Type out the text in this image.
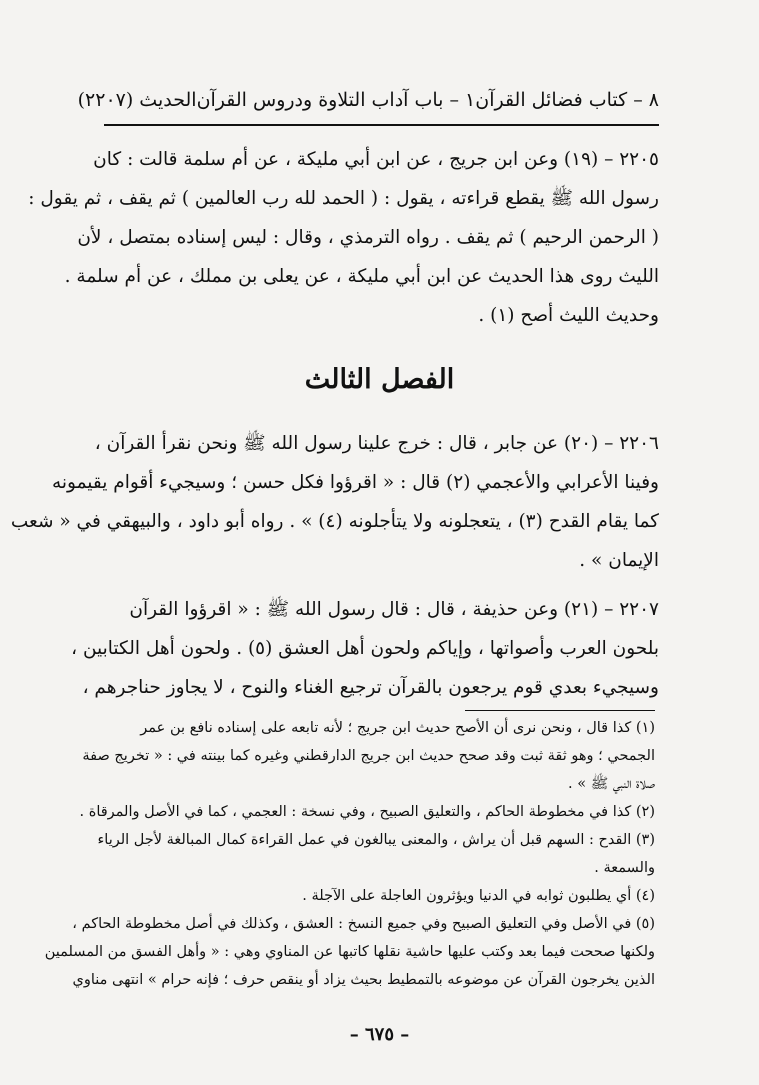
٨ – كتاب فضائل القرآن
١ – باب آداب التلاوة ودروس القرآن
الحديث (٢٢٠٧)
٢٢٠٥ – (١٩) وعن ابن جريج ، عن ابن أبي مليكة ، عن أم سلمة قالت : كان
رسول الله ﷺ يقطع قراءته ، يقول : ( الحمد لله رب العالمين ) ثم يقف ، ثم يقول :
( الرحمن الرحيم ) ثم يقف . رواه الترمذي ، وقال : ليس إسناده بمتصل ، لأن
الليث روى هذا الحديث عن ابن أبي مليكة ، عن يعلى بن مملك ، عن أم سلمة .
وحديث الليث أصح (١) .
الفصل الثالث
٢٢٠٦ – (٢٠) عن جابر ، قال : خرج علينا رسول الله ﷺ ونحن نقرأ القرآن ،
وفينا الأعرابي والأعجمي (٢) قال : « اقرؤوا فكل حسن ؛ وسيجيء أقوام يقيمونه
كما يقام القدح (٣) ، يتعجلونه ولا يتأجلونه (٤) » . رواه أبو داود ، والبيهقي في « شعب
الإيمان » .
٢٢٠٧ – (٢١) وعن حذيفة ، قال : قال رسول الله ﷺ : « اقرؤوا القرآن
بلحون العرب وأصواتها ، وإياكم ولحون أهل العشق (٥) . ولحون أهل الكتابين ،
وسيجيء بعدي قوم يرجعون بالقرآن ترجيع الغناء والنوح ، لا يجاوز حناجرهم ،
(١) كذا قال ، ونحن نرى أن الأصح حديث ابن جريج ؛ لأنه تابعه على إسناده نافع بن عمر
الجمحي ؛ وهو ثقة ثبت وقد صحح حديث ابن جريج الدارقطني وغيره كما بينته في : « تخريج صفة
صلاة النبي ﷺ » .
(٢) كذا في مخطوطة الحاكم ، والتعليق الصبيح ، وفي نسخة : العجمي ، كما في الأصل والمرقاة .
(٣) القدح : السهم قبل أن يراش ، والمعنى يبالغون في عمل القراءة كمال المبالغة لأجل الرياء
والسمعة .
(٤) أي يطلبون ثوابه في الدنيا ويؤثرون العاجلة على الآجلة .
(٥) في الأصل وفي التعليق الصبيح وفي جميع النسخ : العشق ، وكذلك في أصل مخطوطة الحاكم ،
ولكنها صححت فيما بعد وكتب عليها حاشية نقلها كاتبها عن المناوي وهي : « وأهل الفسق من المسلمين
الذين يخرجون القرآن عن موضوعه بالتمطيط بحيث يزاد أو ينقص حرف ؛ فإنه حرام » انتهى مناوي
– ٦٧٥ –
